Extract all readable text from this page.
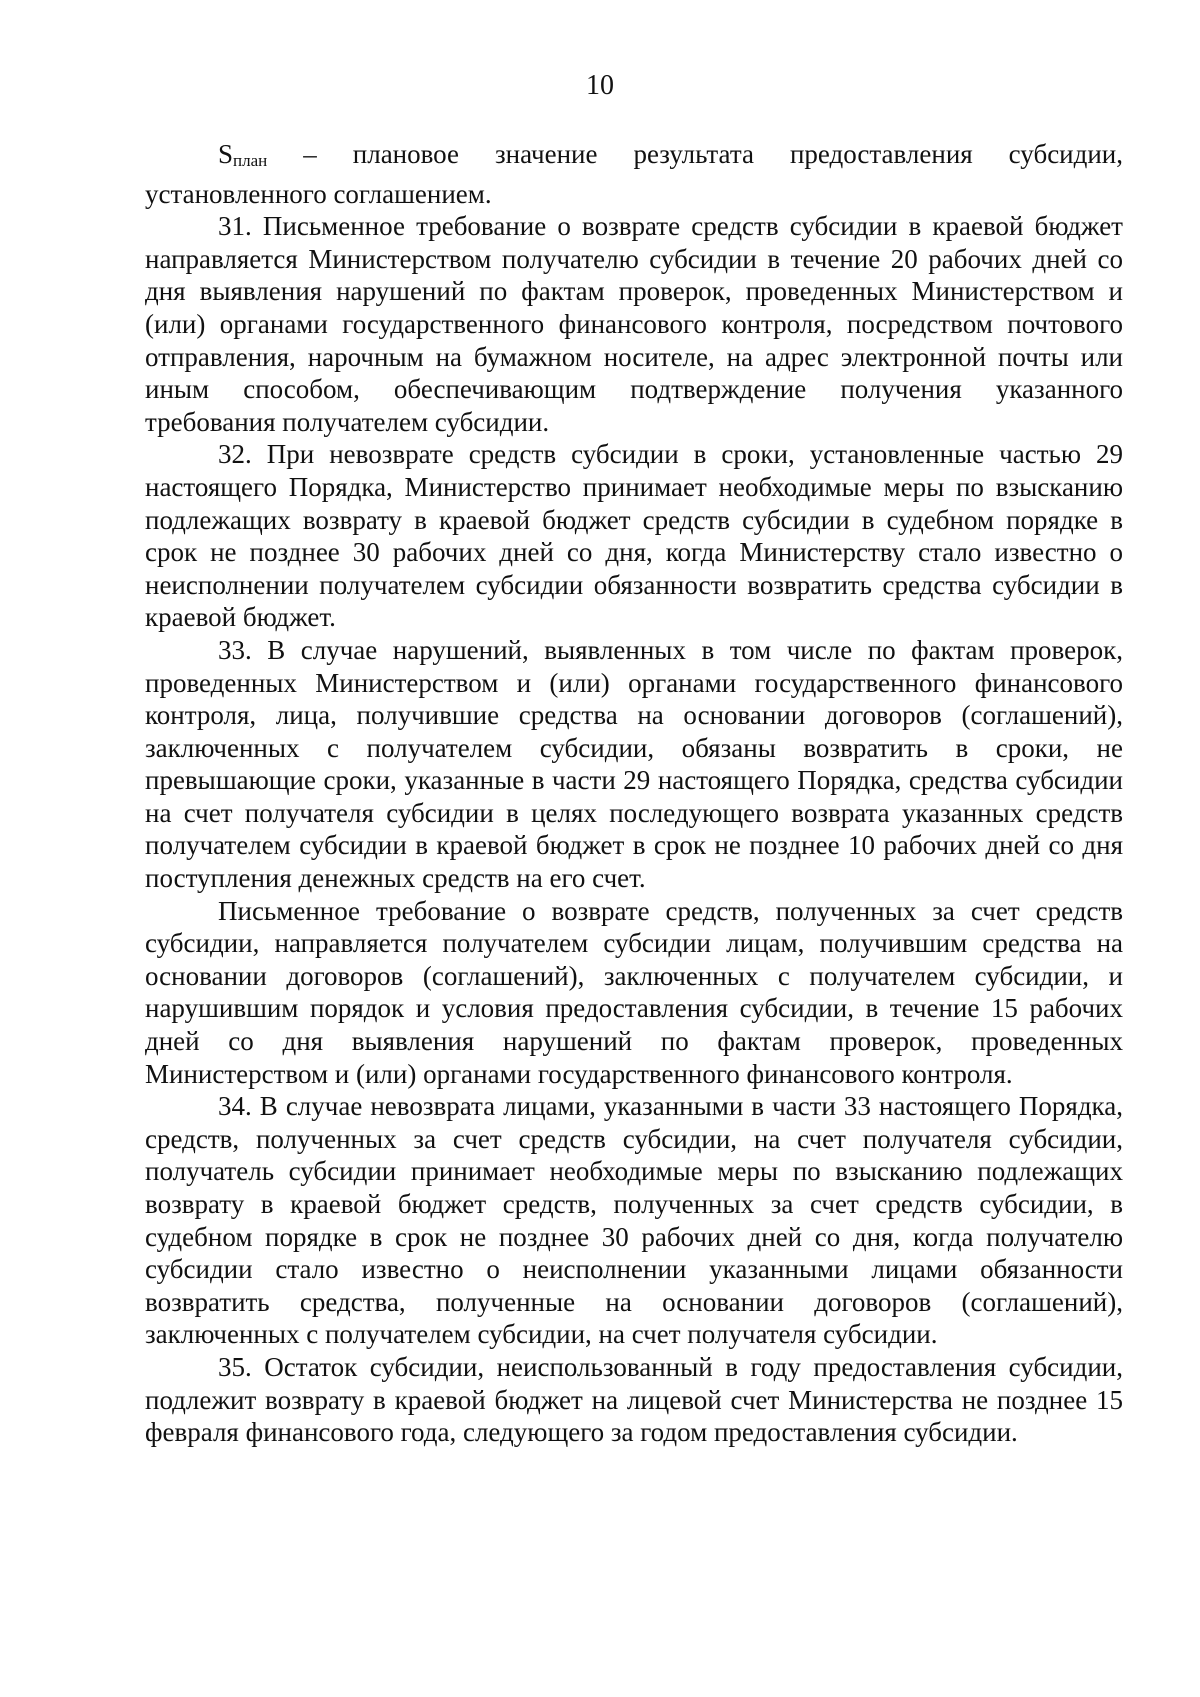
10

Sплан – плановое значение результата предоставления субсидии,

установленного соглашением.

31. Письменное требование о возврате средств субсидии в краевой бюджет направляется Министерством получателю субсидии в течение 20 рабочих дней со дня выявления нарушений по фактам проверок, проведенных Министерством и (или) органами государственного финансового контроля, посредством почтового отправления, нарочным на бумажном носителе, на адрес электронной почты или иным способом, обеспечивающим подтверждение получения указанного требования получателем субсидии.

32. При невозврате средств субсидии в сроки, установленные частью 29 настоящего Порядка, Министерство принимает необходимые меры по взысканию подлежащих возврату в краевой бюджет средств субсидии в судебном порядке в срок не позднее 30 рабочих дней со дня, когда Министерству стало известно о неисполнении получателем субсидии обязанности возвратить средства субсидии в краевой бюджет.

33. В случае нарушений, выявленных в том числе по фактам проверок, проведенных Министерством и (или) органами государственного финансового контроля, лица, получившие средства на основании договоров (соглашений), заключенных с получателем субсидии, обязаны возвратить в сроки, не превышающие сроки, указанные в части 29 настоящего Порядка, средства субсидии на счет получателя субсидии в целях последующего возврата указанных средств получателем субсидии в краевой бюджет в срок не позднее 10 рабочих дней со дня поступления денежных средств на его счет.

Письменное требование о возврате средств, полученных за счет средств субсидии, направляется получателем субсидии лицам, получившим средства на основании договоров (соглашений), заключенных с получателем субсидии, и нарушившим порядок и условия предоставления субсидии, в течение 15 рабочих дней со дня выявления нарушений по фактам проверок, проведенных Министерством и (или) органами государственного финансового контроля.

34. В случае невозврата лицами, указанными в части 33 настоящего Порядка, средств, полученных за счет средств субсидии, на счет получателя субсидии, получатель субсидии принимает необходимые меры по взысканию подлежащих возврату в краевой бюджет средств, полученных за счет средств субсидии, в судебном порядке в срок не позднее 30 рабочих дней со дня, когда получателю субсидии стало известно о неисполнении указанными лицами обязанности возвратить средства, полученные на основании договоров (соглашений), заключенных с получателем субсидии, на счет получателя субсидии.

35. Остаток субсидии, неиспользованный в году предоставления субсидии, подлежит возврату в краевой бюджет на лицевой счет Министерства не позднее 15 февраля финансового года, следующего за годом предоставления субсидии.
